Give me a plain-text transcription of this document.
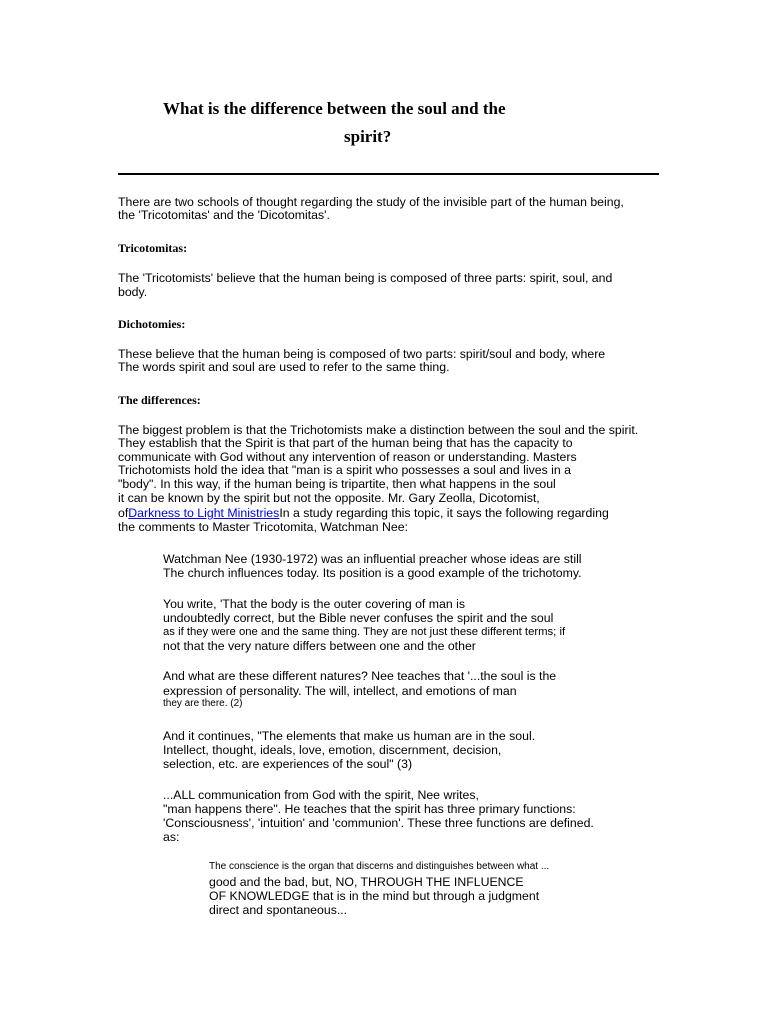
What is the difference between the soul and the
spirit?

There are two schools of thought regarding the study of the invisible part of the human being,

the 'Tricotomitas' and the 'Dicotomitas'.

Tricotomitas:

The 'Tricotomists' believe that the human being is composed of three parts: spirit, soul, and

body.

Dichotomies:

These believe that the human being is composed of two parts: spirit/soul and body, where

The words spirit and soul are used to refer to the same thing.

The differences:

The biggest problem is that the Trichotomists make a distinction between the soul and the spirit.

They establish that the Spirit is that part of the human being that has the capacity to

communicate with God without any intervention of reason or understanding. Masters

Trichotomists hold the idea that "man is a spirit who possesses a soul and lives in a

"body". In this way, if the human being is tripartite, then what happens in the soul

it can be known by the spirit but not the opposite. Mr. Gary Zeolla, Dicotomist,

ofDarkness to Light MinistriesIn a study regarding this topic, it says the following regarding

the comments to Master Tricotomita, Watchman Nee:

Watchman Nee (1930-1972) was an influential preacher whose ideas are still

The church influences today. Its position is a good example of the trichotomy.

You write, 'That the body is the outer covering of man is

undoubtedly correct, but the Bible never confuses the spirit and the soul

as if they were one and the same thing. They are not just these different terms; if

not that the very nature differs between one and the other

And what are these different natures? Nee teaches that '...the soul is the

expression of personality. The will, intellect, and emotions of man

they are there. (2)

And it continues, "The elements that make us human are in the soul.

Intellect, thought, ideals, love, emotion, discernment, decision,

selection, etc. are experiences of the soul" (3)

...ALL communication from God with the spirit, Nee writes,

"man happens there". He teaches that the spirit has three primary functions:

'Consciousness', 'intuition' and 'communion'. These three functions are defined.

as:

The conscience is the organ that discerns and distinguishes between what ...

good and the bad, but, NO, THROUGH THE INFLUENCE

OF KNOWLEDGE that is in the mind but through a judgment

direct and spontaneous...
